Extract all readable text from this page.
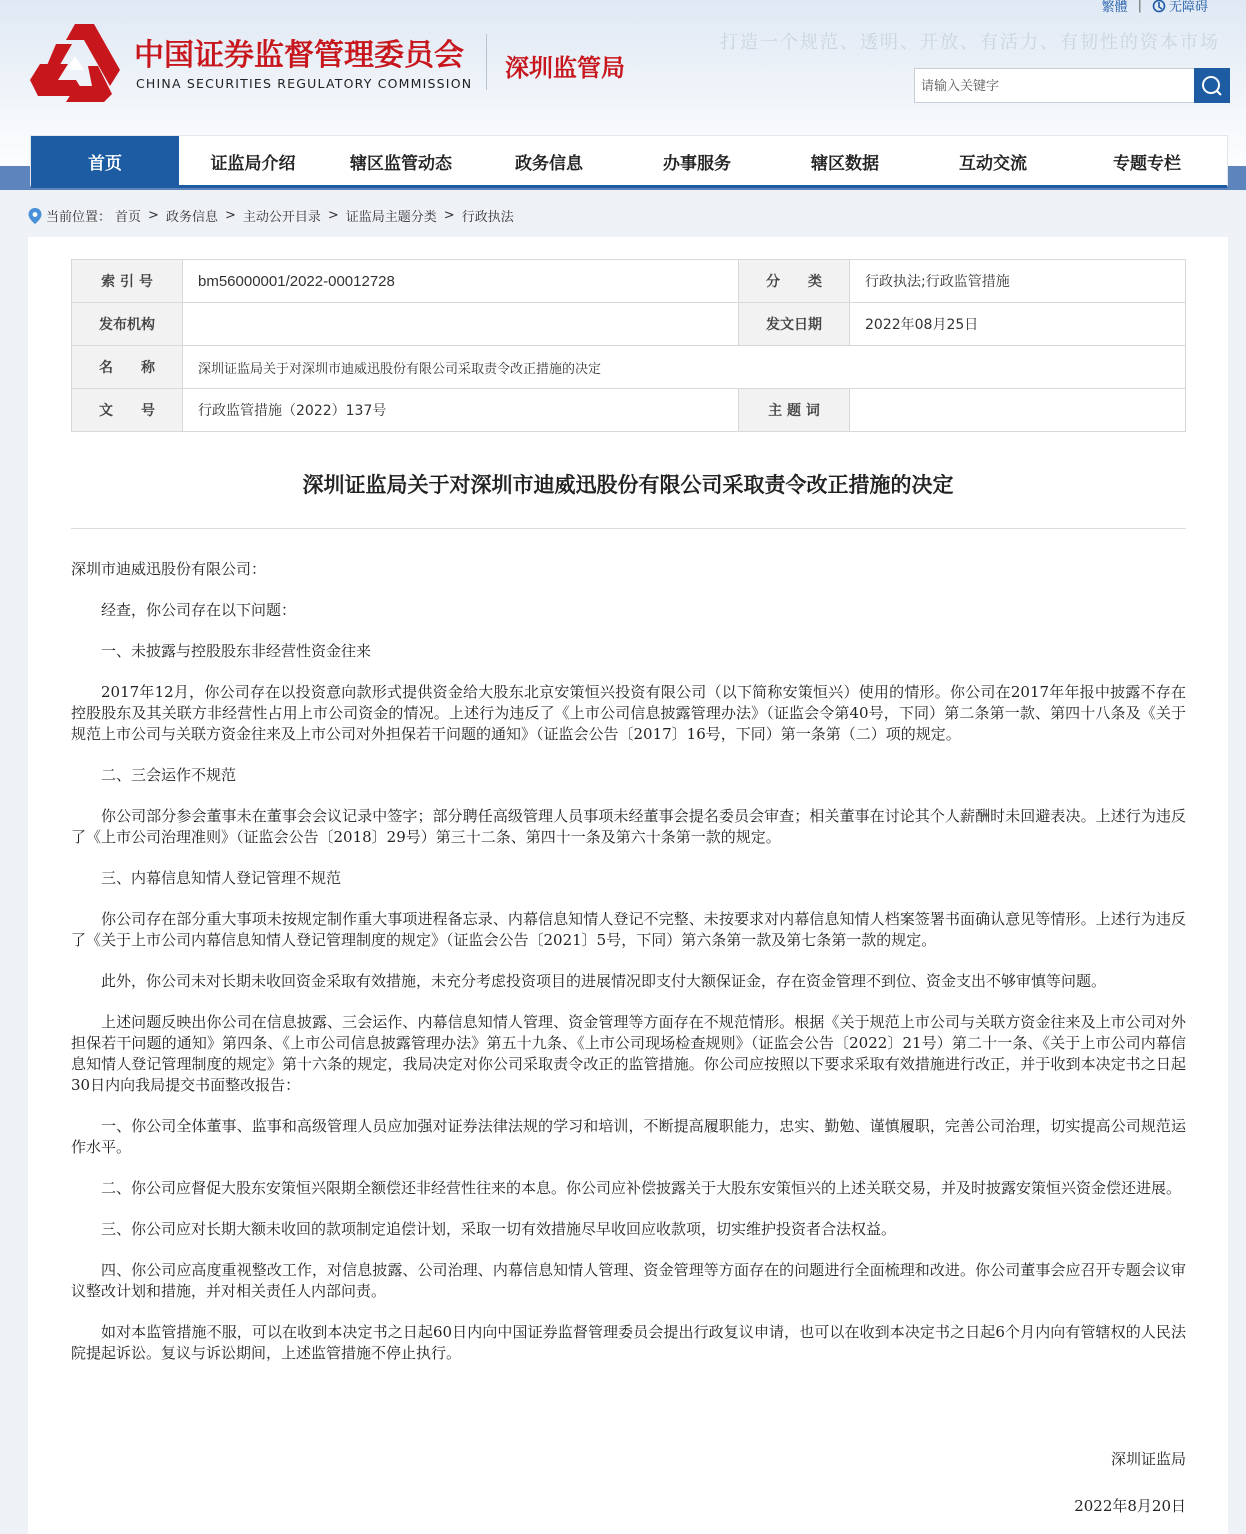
繁體 | 无障碍
中国证券监督管理委员会
CHINA SECURITIES REGULATORY COMMISSION
深圳监管局
打造一个规范、透明、开放、有活力、有韧性的资本市场
请输入关键字
首页	证监局介绍	辖区监管动态	政务信息	办事服务	辖区数据	互动交流	专题专栏
当前位置： 首页 > 政务信息 > 主动公开目录 > 证监局主题分类 > 行政执法
索 引 号	bm56000001/2022-00012728	分　　类	行政执法;行政监管措施
发布机构		发文日期	2022年08月25日
名　　称	深圳证监局关于对深圳市迪威迅股份有限公司采取责令改正措施的决定		
文　　号	行政监管措施（2022）137号	主 题 词	
深圳证监局关于对深圳市迪威迅股份有限公司采取责令改正措施的决定

深圳市迪威迅股份有限公司：

经查，你公司存在以下问题：

一、未披露与控股股东非经营性资金往来

2017年12月，你公司存在以投资意向款形式提供资金给大股东北京安策恒兴投资有限公司（以下简称安策恒兴）使用的情形。你公司在2017年年报中披露不存在控股股东及其关联方非经营性占用上市公司资金的情况。上述行为违反了《上市公司信息披露管理办法》（证监会令第40号，下同）第二条第一款、第四十八条及《关于规范上市公司与关联方资金往来及上市公司对外担保若干问题的通知》（证监会公告〔2017〕16号，下同）第一条第（二）项的规定。

二、三会运作不规范

你公司部分参会董事未在董事会会议记录中签字；部分聘任高级管理人员事项未经董事会提名委员会审查；相关董事在讨论其个人薪酬时未回避表决。上述行为违反了《上市公司治理准则》（证监会公告〔2018〕29号）第三十二条、第四十一条及第六十条第一款的规定。

三、内幕信息知情人登记管理不规范

你公司存在部分重大事项未按规定制作重大事项进程备忘录、内幕信息知情人登记不完整、未按要求对内幕信息知情人档案签署书面确认意见等情形。上述行为违反了《关于上市公司内幕信息知情人登记管理制度的规定》（证监会公告〔2021〕5号，下同）第六条第一款及第七条第一款的规定。

此外，你公司未对长期未收回资金采取有效措施，未充分考虑投资项目的进展情况即支付大额保证金，存在资金管理不到位、资金支出不够审慎等问题。

上述问题反映出你公司在信息披露、三会运作、内幕信息知情人管理、资金管理等方面存在不规范情形。根据《关于规范上市公司与关联方资金往来及上市公司对外担保若干问题的通知》第四条、《上市公司信息披露管理办法》第五十九条、《上市公司现场检查规则》（证监会公告〔2022〕21号）第二十一条、《关于上市公司内幕信息知情人登记管理制度的规定》第十六条的规定，我局决定对你公司采取责令改正的监管措施。你公司应按照以下要求采取有效措施进行改正，并于收到本决定书之日起30日内向我局提交书面整改报告：

一、你公司全体董事、监事和高级管理人员应加强对证券法律法规的学习和培训，不断提高履职能力，忠实、勤勉、谨慎履职，完善公司治理，切实提高公司规范运作水平。

二、你公司应督促大股东安策恒兴限期全额偿还非经营性往来的本息。你公司应补偿披露关于大股东安策恒兴的上述关联交易，并及时披露安策恒兴资金偿还进展。

三、你公司应对长期大额未收回的款项制定追偿计划，采取一切有效措施尽早收回应收款项，切实维护投资者合法权益。

四、你公司应高度重视整改工作，对信息披露、公司治理、内幕信息知情人管理、资金管理等方面存在的问题进行全面梳理和改进。你公司董事会应召开专题会议审议整改计划和措施，并对相关责任人内部问责。

如对本监管措施不服，可以在收到本决定书之日起60日内向中国证券监督管理委员会提出行政复议申请，也可以在收到本决定书之日起6个月内向有管辖权的人民法院提起诉讼。复议与诉讼期间，上述监管措施不停止执行。

深圳证监局
2022年8月20日
